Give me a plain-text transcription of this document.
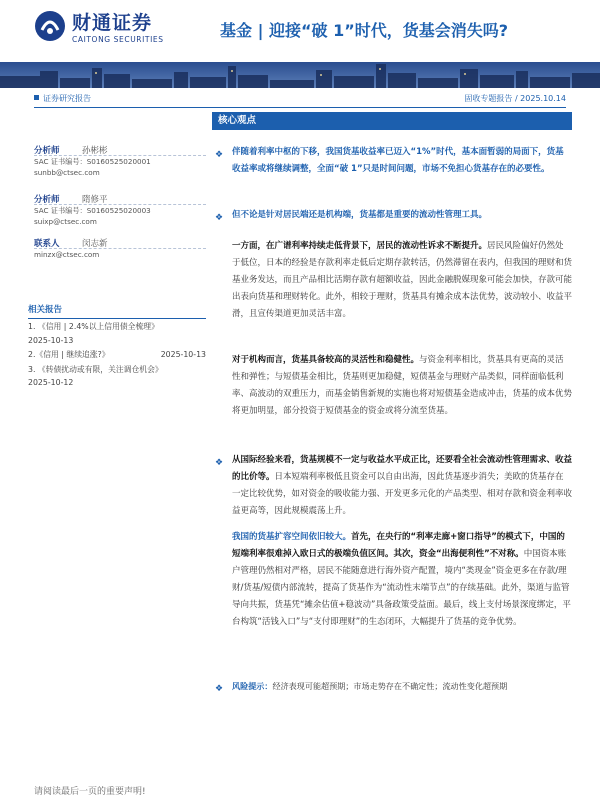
财通证券
CAITONG SECURITIES	基金 | 迎接“破 1”时代，货基会消失吗?
证券研究报告	固收专题报告 / 2025.10.14
分析师	孙彬彬
SAC 证书编号：S0160525020001
sunbb@ctsec.com
分析师	隋修平
SAC 证书编号：S0160525020003
suixp@ctsec.com
联系人	闵志新
minzx@ctsec.com
相关报告
1. 《信用 | 2.4%以上信用债全梳理》
2025-10-13
2.《信用 | 继续追涨?》	2025-10-13
3. 《转债扰动或有限，关注调仓机会》
2025-10-12
核心观点
❖ 伴随着利率中枢的下移，我国货基收益率已迈入“1%”时代，基本面暂弱的局面下，货基收益率或将继续调整，全面“破 1”只是时间问题，市场不免担心货基存在的必要性。
❖ 但不论是针对居民端还是机构端，货基都是重要的流动性管理工具。
一方面，在广谱利率持续走低背景下，居民的流动性诉求不断提升。居民风险偏好仍然处于低位，日本的经验是存款利率走低后定期存款转活，仍然滞留在表内，但我国的理财和货基业务发达，而且产品相比活期存款有超额收益，因此金融脱媒现象可能会加快，存款可能出表向货基和理财转化。此外，相较于理财，货基具有摊余成本法优势，波动较小、收益平滑，且宣传渠道更加灵活丰富。
对于机构而言，货基具备较高的灵活性和稳健性。与资金利率相比，货基具有更高的灵活性和弹性；与短债基金相比，货基则更加稳健，短债基金与理财产品类似，同样面临低利率、高波动的双重压力，而基金销售新规的实施也将对短债基金造成冲击，货基的成本优势将更加明显，部分投资于短债基金的资金或将分流至货基。
❖ 从国际经验来看，货基规模不一定与收益水平成正比，还要看全社会流动性管理需求、收益的比价等。日本短端利率极低且资金可以自由出海，因此货基逐步消失；美欧的货基存在一定比较优势，如对资金的吸收能力强、开发更多元化的产品类型、相对存款和资金利率收益更高等，因此规模震荡上升。
我国的货基扩容空间依旧较大。首先，在央行的“利率走廊+窗口指导”的模式下，中国的短端利率很难掉入欧日式的极端负值区间。其次，资金“出海便利性”不对称。中国资本账户管理仍然相对严格，居民不能随意进行海外资产配置，境内“类现金”资金更多在存款/理财/货基/短债内部流转，提高了货基作为“流动性末端节点”的存续基础。此外，渠道与监管导向共振，货基凭“摊余估值+稳波动”具备政策受益面。最后，线上支付场景深度绑定，平台构筑“活钱入口”与“支付即理财”的生态闭环，大幅提升了货基的竞争优势。
❖ 风险提示：经济表现可能超预期；市场走势存在不确定性；流动性变化超预期
请阅读最后一页的重要声明!
